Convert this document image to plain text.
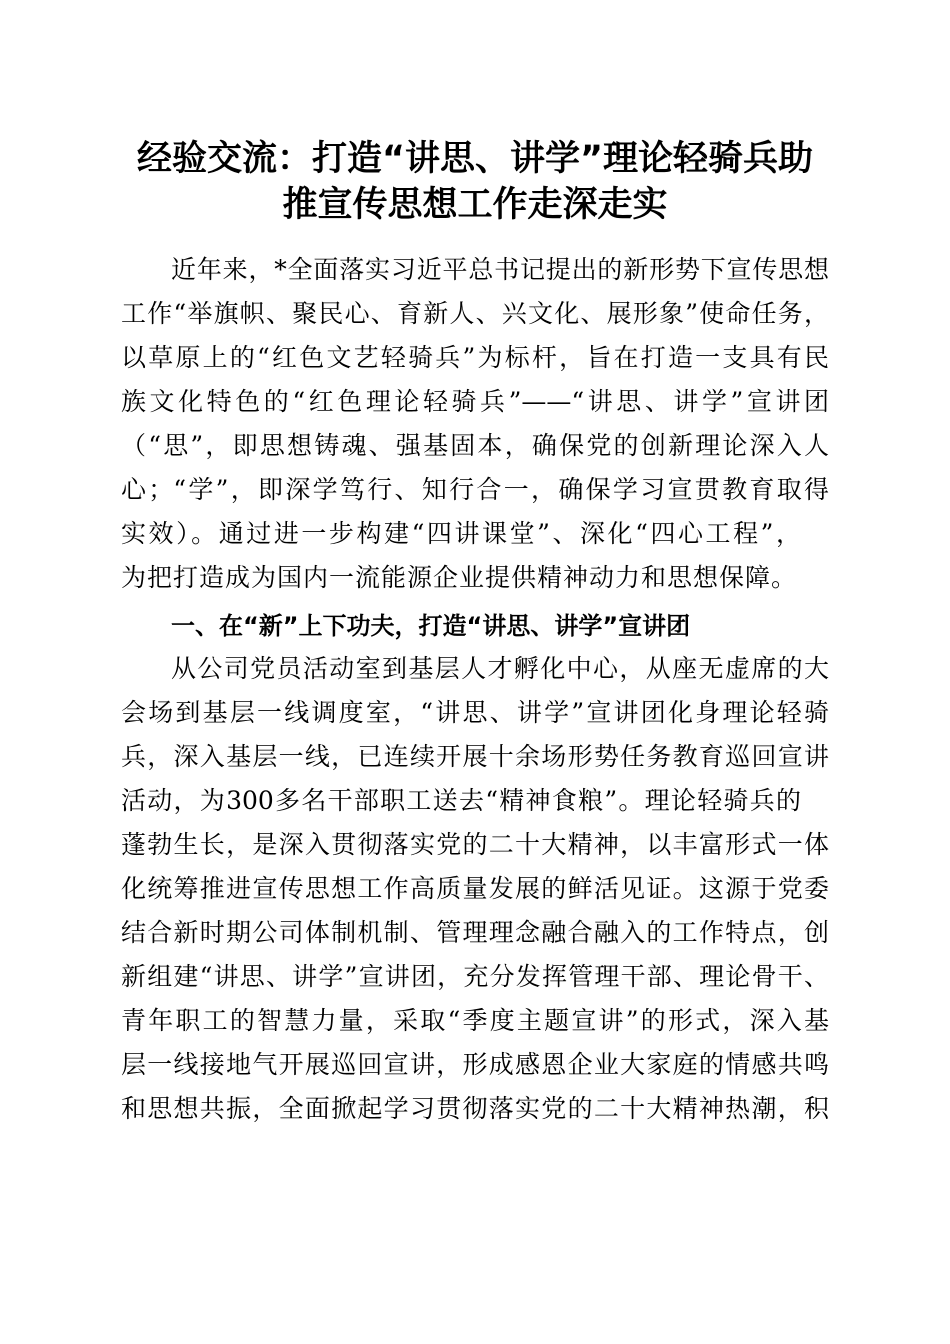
经验交流：打造“讲思、讲学”理论轻骑兵助
推宣传思想工作走深走实
近年来，*全面落实习近平总书记提出的新形势下宣传思想
工作“举旗帜、聚民心、育新人、兴文化、展形象”使命任务，
以草原上的“红色文艺轻骑兵”为标杆，旨在打造一支具有民
族文化特色的“红色理论轻骑兵”——“讲思、讲学”宣讲团
（“思”，即思想铸魂、强基固本，确保党的创新理论深入人
心；“学”，即深学笃行、知行合一，确保学习宣贯教育取得
实效）。通过进一步构建“四讲课堂”、深化“四心工程”，
为把打造成为国内一流能源企业提供精神动力和思想保障。
一、在“新”上下功夫，打造“讲思、讲学”宣讲团
从公司党员活动室到基层人才孵化中心，从座无虚席的大
会场到基层一线调度室，“讲思、讲学”宣讲团化身理论轻骑
兵，深入基层一线，已连续开展十余场形势任务教育巡回宣讲
活动，为300多名干部职工送去“精神食粮”。理论轻骑兵的
蓬勃生长，是深入贯彻落实党的二十大精神，以丰富形式一体
化统筹推进宣传思想工作高质量发展的鲜活见证。这源于党委
结合新时期公司体制机制、管理理念融合融入的工作特点，创
新组建“讲思、讲学”宣讲团，充分发挥管理干部、理论骨干、
青年职工的智慧力量，采取“季度主题宣讲”的形式，深入基
层一线接地气开展巡回宣讲，形成感恩企业大家庭的情感共鸣
和思想共振，全面掀起学习贯彻落实党的二十大精神热潮，积
